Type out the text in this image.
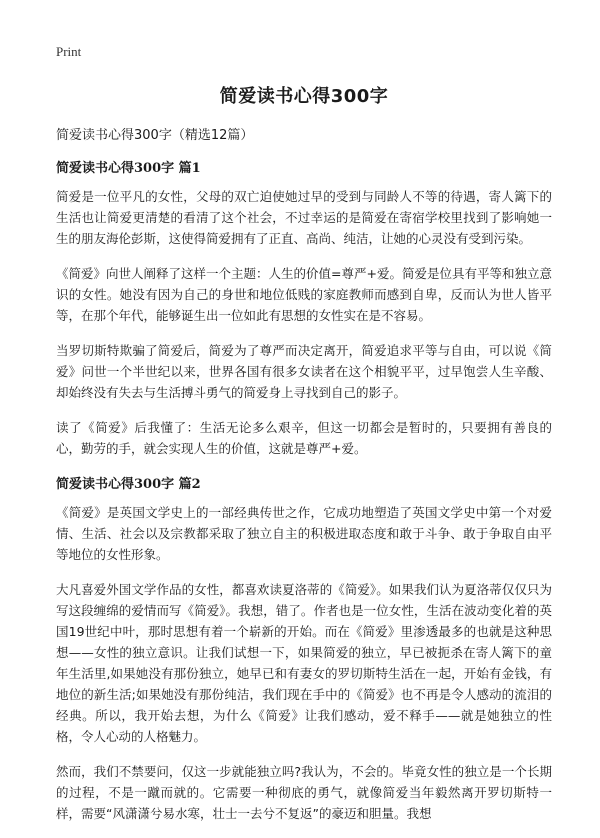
Print
简爱读书心得300字

简爱读书心得300字（精选12篇）

简爱读书心得300字 篇1

简爱是一位平凡的女性，父母的双亡迫使她过早的受到与同龄人不等的待遇，寄人篱下的生活也让简爱更清楚的看清了这个社会，不过幸运的是简爱在寄宿学校里找到了影响她一生的朋友海伦彭斯，这使得简爱拥有了正直、高尚、纯洁，让她的心灵没有受到污染。

《简爱》向世人阐释了这样一个主题：人生的价值=尊严+爱。简爱是位具有平等和独立意识的女性。她没有因为自己的身世和地位低贱的家庭教师而感到自卑，反而认为世人皆平等，在那个年代，能够诞生出一位如此有思想的女性实在是不容易。

当罗切斯特欺骗了简爱后，简爱为了尊严而决定离开，简爱追求平等与自由，可以说《简爱》问世一个半世纪以来，世界各国有很多女读者在这个相貌平平，过早饱尝人生辛酸、却始终没有失去与生活搏斗勇气的简爱身上寻找到自己的影子。

读了《简爱》后我懂了：生活无论多么艰辛，但这一切都会是暂时的，只要拥有善良的心，勤劳的手，就会实现人生的价值，这就是尊严+爱。

简爱读书心得300字 篇2

《简爱》是英国文学史上的一部经典传世之作，它成功地塑造了英国文学史中第一个对爱情、生活、社会以及宗教都采取了独立自主的积极进取态度和敢于斗争、敢于争取自由平等地位的女性形象。

大凡喜爱外国文学作品的女性，都喜欢读夏洛蒂的《简爱》。如果我们认为夏洛蒂仅仅只为写这段缠绵的爱情而写《简爱》。我想，错了。作者也是一位女性，生活在波动变化着的英国19世纪中叶，那时思想有着一个崭新的开始。而在《简爱》里渗透最多的也就是这种思想——女性的独立意识。让我们试想一下，如果简爱的独立，早已被扼杀在寄人篱下的童年生活里,如果她没有那份独立，她早已和有妻女的罗切斯特生活在一起，开始有金钱，有地位的新生活;如果她没有那份纯洁，我们现在手中的《简爱》也不再是令人感动的流泪的经典。所以，我开始去想，为什么《简爱》让我们感动，爱不释手——就是她独立的性格，令人心动的人格魅力。

然而，我们不禁要问，仅这一步就能独立吗?我认为，不会的。毕竟女性的独立是一个长期的过程，不是一蹴而就的。它需要一种彻底的勇气，就像简爱当年毅然离开罗切斯特一样，需要“风潇潇兮易水寒，壮士一去兮不复返”的豪迈和胆量。我想
